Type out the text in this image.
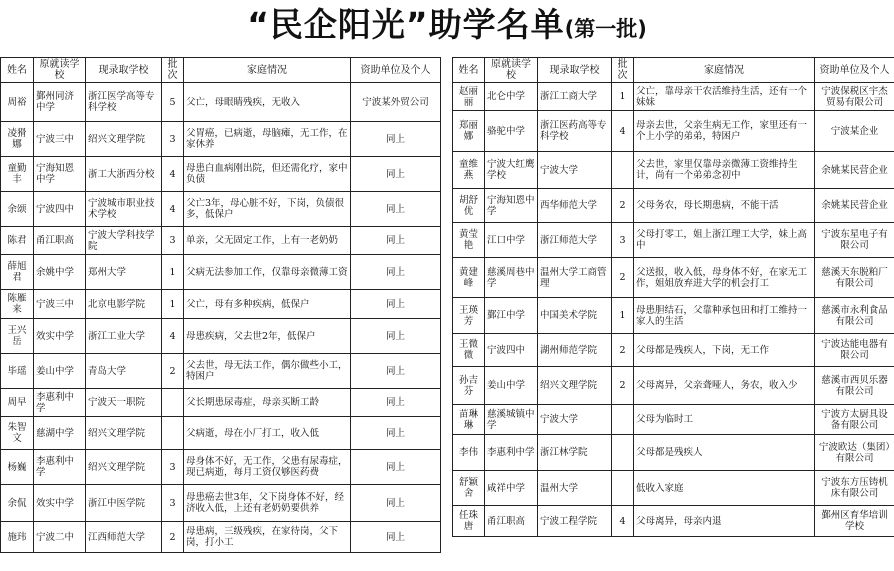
“民企阳光”助学名单(第一批)
姓名	原就读学校	现录取学校	批次	家庭情况	资助单位及个人
周裕	鄞州同济中学	浙江医学高等专科学校	5	父亡，母眼睛残疾，无收入	宁波某外贸公司
凌猾娜	宁波三中	绍兴文理学院	3	父胃癌，已病逝，母脑瘫，无工作，在家休养	同上
童勤丰	宁海知恩中学	浙工大浙西分校	4	母患白血病刚出院，但还需化疗，家中负债	同上
余颂	宁波四中	宁波城市职业技术学校	4	父亡3年，母心脏不好，下岗，负债很多，低保户	同上
陈君	甬江职高	宁波大学科技学院	3	单亲，父无固定工作，上有一老奶奶	同上
薛旭君	余姚中学	郑州大学	1	父病无法参加工作，仅靠母亲微薄工资	同上
陈雁来	宁波三中	北京电影学院	1	父亡，母有多种疾病，低保户	同上
王兴岳	效实中学	浙江工业大学	4	母患疾病，父去世2年，低保户	同上
毕瑶	姜山中学	青岛大学	2	父去世，母无法工作，偶尔做些小工，特困户	同上
周早	李惠利中学	宁波天一职院		父长期患尿毒症，母亲买断工龄	同上
朱智文	慈湖中学	绍兴文理学院		父病逝，母在小厂打工，收入低	同上
杨巍	李惠利中学	绍兴文理学院	3	母身体不好，无工作，父患有尿毒症，现已病逝，每月工资仅够医药费	同上
余侃	效实中学	浙江中医学院	3	母患癌去世3年，父下岗身体不好，经济收入低，上还有老奶奶要供养	同上
施玮	宁波二中	江西师范大学	2	母患病，三级残疾，在家待岗，父下岗，打小工	同上
姓名	原就读学校	现录取学校	批次	家庭情况	资助单位及个人
赵丽丽	北仑中学	浙江工商大学	1	父亡，靠母亲干农活维持生活，还有一个妹妹	宁波保税区宇杰贸易有限公司
郑丽娜	骆驼中学	浙江医药高等专科学校	4	母亲去世，父亲生病无工作，家里还有一个上小学的弟弟，特困户	宁波某企业
童维燕	宁波大红鹰学校	宁波大学		父去世，家里仅靠母亲微薄工资维持生计，尚有一个弟弟念初中	余姚某民营企业
胡舒优	宁海知恩中学	西华师范大学	2	父母务农，母长期患病，不能干活	余姚某民营企业
黄莹艳	江口中学	浙江师范大学	3	父母打零工，姐上浙江理工大学，妹上高中	宁波东星电子有限公司
黄建峰	慈溪周巷中学	温州大学工商管理	2	父送报，收入低，母身体不好，在家无工作，姐姐放弃进大学的机会打工	慈溪天东脱粕厂有限公司
王瑛芳	鄞江中学	中国美术学院	1	母患胆结石，父靠种承包田和打工维持一家人的生活	慈溪市永利食品有限公司
王微微	宁波四中	湖州师范学院	2	父母都是残疾人，下岗，无工作	宁波达能电器有限公司
孙吉芬	姜山中学	绍兴文理学院	2	父母离异，父亲聋哑人，务农，收入少	慈溪市西贝乐器有限公司
苗琳琳	慈溪城镇中学	宁波大学		父母为临时工	宁波方太厨具设备有限公司
李伟	李惠利中学	浙江林学院		父母都是残疾人	宁波欧达（集团）有限公司
舒颖舍	咸祥中学	温州大学		低收入家庭	宁波东方压铸机床有限公司
任珠唐	甬江职高	宁波工程学院	4	父母离异，母亲内退	鄞州区育华培训学校
